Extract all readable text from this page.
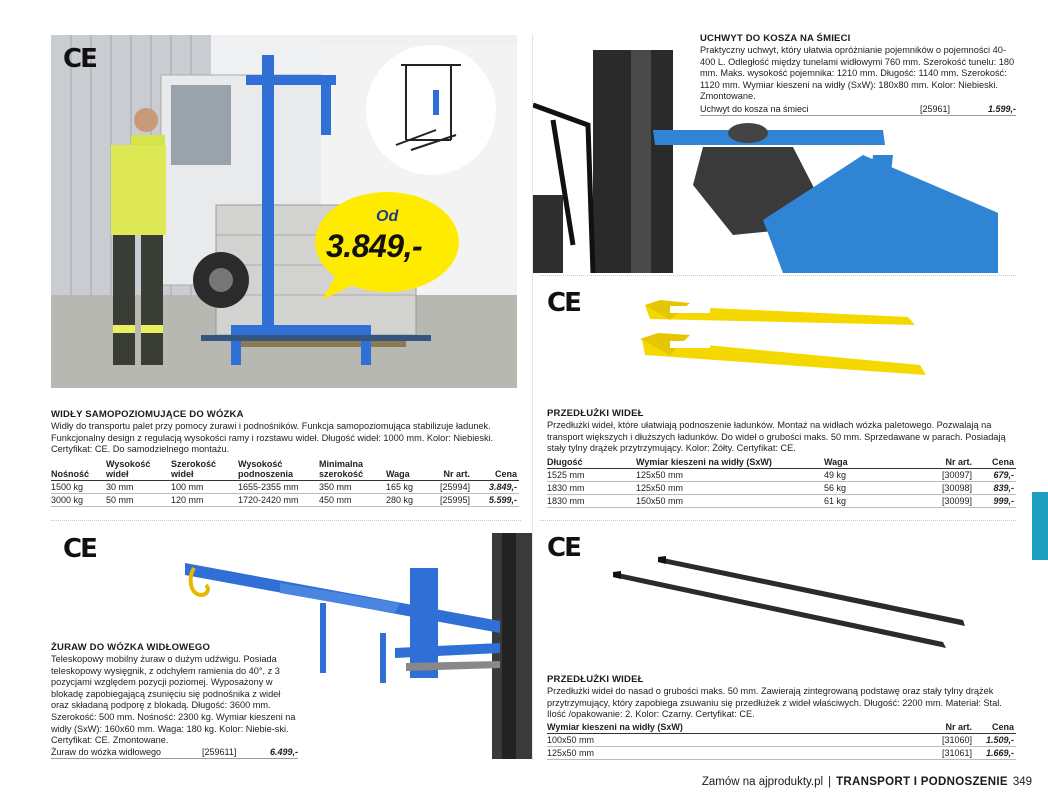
Od
3.849,-
CE
WIDŁY SAMOPOZIOMUJĄCE DO WÓZKA
Widły do transportu palet przy pomocy żurawi i podnośników. Funkcja samopoziomująca stabilizuje ładunek. Funkcjonalny design z regulacją wysokości ramy i rozstawu wideł. Długość wideł: 1000 mm. Kolor: Niebieski. Certyfikat: CE. Do samodzielnego montażu.
Nośność	Wysokość wideł	Szerokość wideł	Wysokość podnoszenia	Minimalna szerokość	Waga	Nr art.	Cena
1500 kg	30 mm	100 mm	1655-2355 mm	350 mm	165 kg	[25994]	3.849,-
3000 kg	50 mm	120 mm	1720-2420 mm	450 mm	280 kg	[25995]	5.599,-
UCHWYT DO KOSZA NA ŚMIECI
Praktyczny uchwyt, który ułatwia opróżnianie pojemników o pojemności 40-400 L. Odległość między tunelami widłowymi 760 mm. Szerokość tunelu: 180 mm. Maks. wysokość pojemnika: 1210 mm. Długość: 1140 mm. Szerokość: 1120 mm. Wymiar kieszeni na widły (SxW): 180x80 mm. Kolor: Niebieski. Zmontowane.
Uchwyt do kosza na śmieci	[25961]	1.599,-
CE
PRZEDŁUŻKI WIDEŁ
Przedłużki wideł, które ułatwiają podnoszenie ładunków. Montaż na widłach wózka paletowego. Pozwalają na transport większych i dłuższych ładunków. Do wideł o grubości maks. 50 mm. Sprzedawane w parach. Posiadają stały tylny drążek przytrzymujący. Kolor: Żółty. Certyfikat: CE.
Długość	Wymiar kieszeni na widły (SxW)	Waga	Nr art.	Cena
1525 mm	125x50 mm	49 kg	[30097]	679,-
1830 mm	125x50 mm	56 kg	[30098]	839,-
1830 mm	150x50 mm	61 kg	[30099]	999,-
CE
ŻURAW DO WÓZKA WIDŁOWEGO
Teleskopowy mobilny żuraw o dużym udźwigu. Posiada teleskopowy wysięgnik, z odchyłem ramienia do 40°, z 3 pozycjami względem pozycji poziomej. Wyposażony w blokadę zapobiegającą zsunięciu się podnośnika z wideł oraz składaną podporę z blokadą. Długość: 3600 mm. Szerokość: 500 mm. Nośność: 2300 kg. Wymiar kieszeni na widły (SxW): 160x60 mm. Waga: 180 kg. Kolor: Niebie-ski. Certyfikat: CE. Zmontowane.
Żuraw do wózka widłowego	[259611]	6.499,-
CE
PRZEDŁUŻKI WIDEŁ
Przedłużki wideł do nasad o grubości maks. 50 mm. Zawierają zintegrowaną podstawę oraz stały tylny drążek przytrzymujący, który zapobiega zsuwaniu się przedłużek z wideł właściwych. Długość: 2200 mm. Materiał: Stal. Ilość /opakowanie: 2. Kolor: Czarny. Certyfikat: CE.
Wymiar kieszeni na widły (SxW)	Nr art.	Cena
100x50 mm	[31060]	1.509,-
125x50 mm	[31061]	1.669,-
Zamów na ajprodukty.pl | TRANSPORT I PODNOSZENIE 349
